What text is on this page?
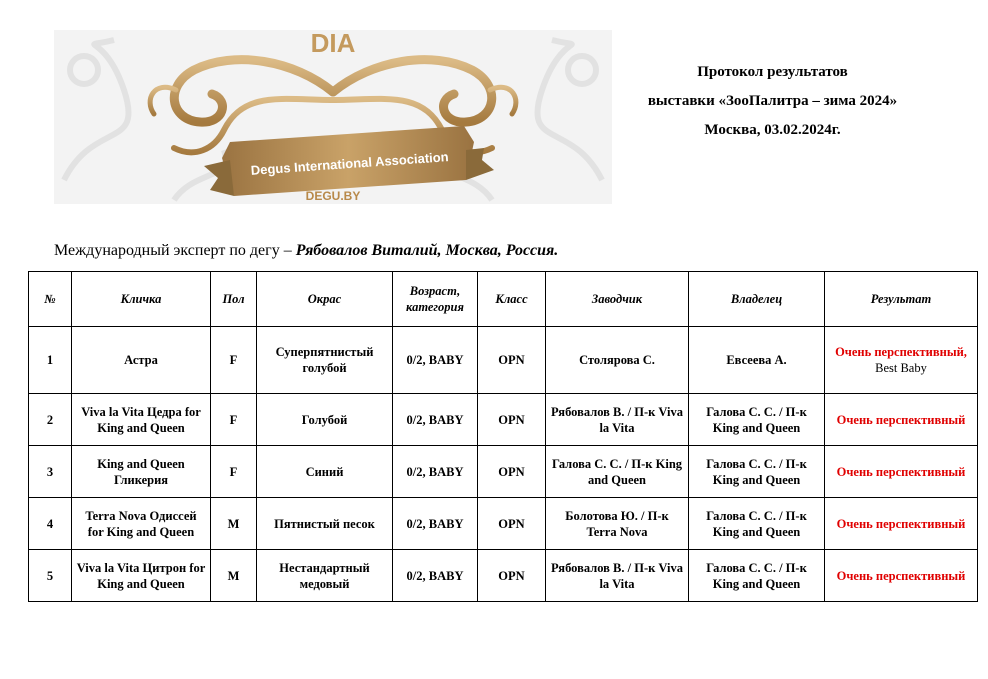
DIA
Degus International Association
DEGU.BY
Протокол результатов
выставки «ЗооПалитра – зима 2024»
Москва, 03.02.2024г.
Международный эксперт по дегу – Рябовалов Виталий, Москва, Россия.
№	Кличка	Пол	Окрас	Возраст, категория	Класс	Заводчик	Владелец	Результат
1	Астра	F	Суперпятнистый голубой	0/2, BABY	OPN	Столярова С.	Евсеева А.	Очень перспективный, Best Baby
2	Viva la Vita Цедра for King and Queen	F	Голубой	0/2, BABY	OPN	Рябовалов В. / П-к Viva la Vita	Галова С. С. / П-к King and Queen	Очень перспективный
3	King and Queen Гликерия	F	Синий	0/2, BABY	OPN	Галова С. С. / П-к King and Queen	Галова С. С. / П-к King and Queen	Очень перспективный
4	Terra Nova Одиссей for King and Queen	M	Пятнистый песок	0/2, BABY	OPN	Болотова Ю. / П-к Terra Nova	Галова С. С. / П-к King and Queen	Очень перспективный
5	Viva la Vita Цитрон for King and Queen	M	Нестандартный медовый	0/2, BABY	OPN	Рябовалов В. / П-к Viva la Vita	Галова С. С. / П-к King and Queen	Очень перспективный
